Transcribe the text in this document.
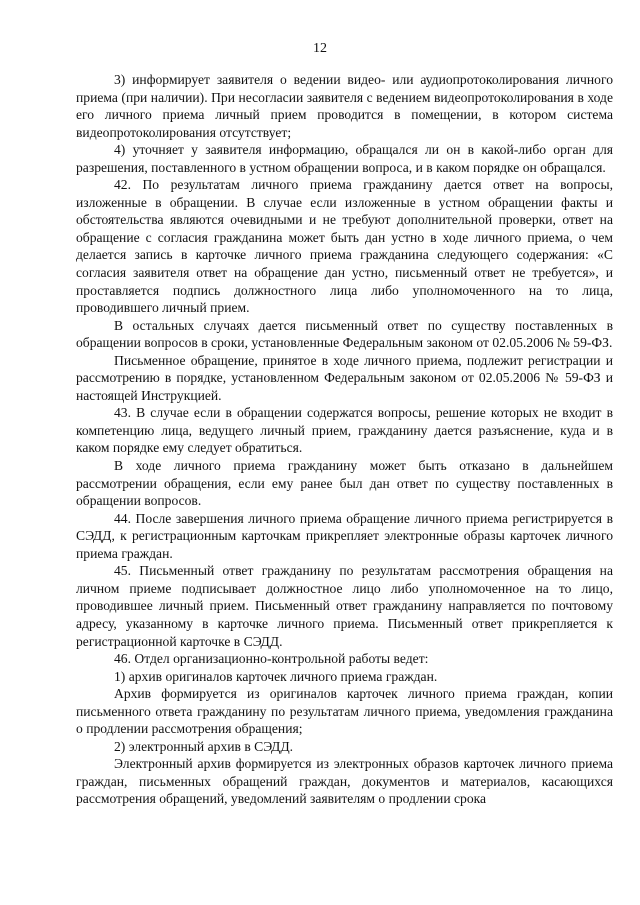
12

3) информирует заявителя о ведении видео- или аудиопротоколирования личного приема (при наличии). При несогласии заявителя с ведением видеопротоколирования в ходе его личного приема личный прием проводится в помещении, в котором система видеопротоколирования отсутствует;

4) уточняет у заявителя информацию, обращался ли он в какой-либо орган для разрешения, поставленного в устном обращении вопроса, и в каком порядке он обращался.

42. По результатам личного приема гражданину дается ответ на вопросы, изложенные в обращении. В случае если изложенные в устном обращении факты и обстоятельства являются очевидными и не требуют дополнительной проверки, ответ на обращение с согласия гражданина может быть дан устно в ходе личного приема, о чем делается запись в карточке личного приема гражданина следующего содержания: «С согласия заявителя ответ на обращение дан устно, письменный ответ не требуется», и проставляется подпись должностного лица либо уполномоченного на то лица, проводившего личный прием.

В остальных случаях дается письменный ответ по существу поставленных в обращении вопросов в сроки, установленные Федеральным законом от 02.05.2006 № 59-ФЗ.

Письменное обращение, принятое в ходе личного приема, подлежит регистрации и рассмотрению в порядке, установленном Федеральным законом от 02.05.2006 № 59-ФЗ и настоящей Инструкцией.

43. В случае если в обращении содержатся вопросы, решение которых не входит в компетенцию лица, ведущего личный прием, гражданину дается разъяснение, куда и в каком порядке ему следует обратиться.

В ходе личного приема гражданину может быть отказано в дальнейшем рассмотрении обращения, если ему ранее был дан ответ по существу поставленных в обращении вопросов.

44. После завершения личного приема обращение личного приема регистрируется в СЭДД, к регистрационным карточкам прикрепляет электронные образы карточек личного приема граждан.

45. Письменный ответ гражданину по результатам рассмотрения обращения на личном приеме подписывает должностное лицо либо уполномоченное на то лицо, проводившее личный прием. Письменный ответ гражданину направляется по почтовому адресу, указанному в карточке личного приема. Письменный ответ прикрепляется к регистрационной карточке в СЭДД.

46. Отдел организационно-контрольной работы ведет:

1) архив оригиналов карточек личного приема граждан.

Архив формируется из оригиналов карточек личного приема граждан, копии письменного ответа гражданину по результатам личного приема, уведомления гражданина о продлении рассмотрения обращения;

2) электронный архив в СЭДД.

Электронный архив формируется из электронных образов карточек личного приема граждан, письменных обращений граждан, документов и материалов, касающихся рассмотрения обращений, уведомлений заявителям о продлении срока
